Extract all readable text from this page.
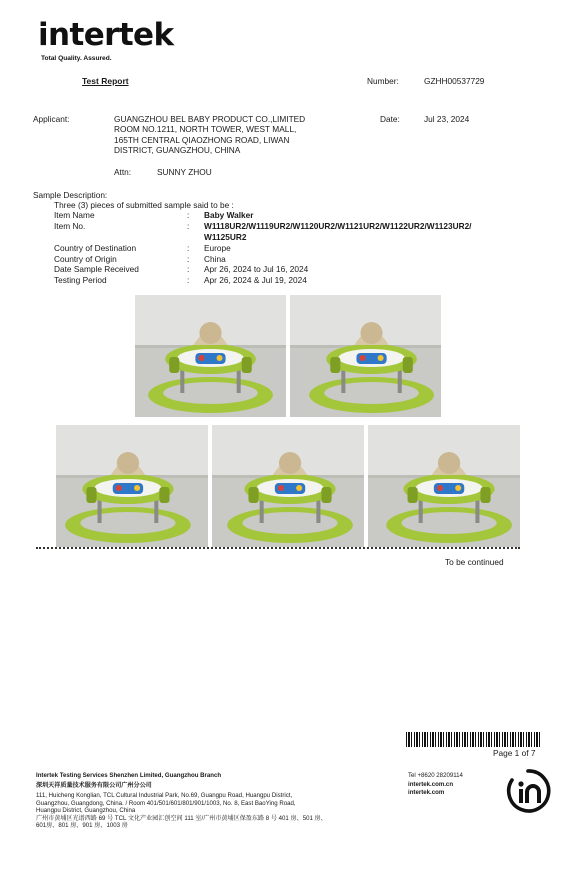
intertek
Total Quality. Assured.
Test Report	Number:	GZHH00537729
Applicant:	GUANGZHOU BEL BABY PRODUCT CO.,LIMITED
ROOM NO.1211, NORTH TOWER, WEST MALL,
165TH CENTRAL QIAOZHONG ROAD, LIWAN
DISTRICT, GUANGZHOU, CHINA
Date:	Jul 23, 2024
Attn:	SUNNY ZHOU
Sample Description:
Three (3) pieces of submitted sample said to be :
Item Name	: Baby Walker
Item No.	: W1118UR2/W1119UR2/W1120UR2/W1121UR2/W1122UR2/W1123UR2/
W1125UR2
Country of Destination	: Europe
Country of Origin	: China
Date Sample Received	: Apr 26, 2024 to Jul 16, 2024
Testing Period	: Apr 26, 2024 & Jul 19, 2024
To be continued
Page 1 of 7
Intertek Testing Services Shenzhen Limited, Guangzhou Branch
深圳天祥质量技术服务有限公司广州分公司
111, Huicheng Konglian, TCL Cultural Industrial Park, No.69, Guangpu Road, Huangpu District,
Guangzhou, Guangdong, China. / Room 401/501/601/801/901/1003, No. 8, East BaoYing Road,
Huangpu District, Guangzhou, China
广州市黄埔区光谱西路 69 号 TCL 文化产业园汇创空间 111 室/广州市黄埔区保盈东路 8 号 401 房、501 房、
601房、801 房、901 房、1003 房
Tel +8620 28209114
intertek.com.cn
intertek.com
